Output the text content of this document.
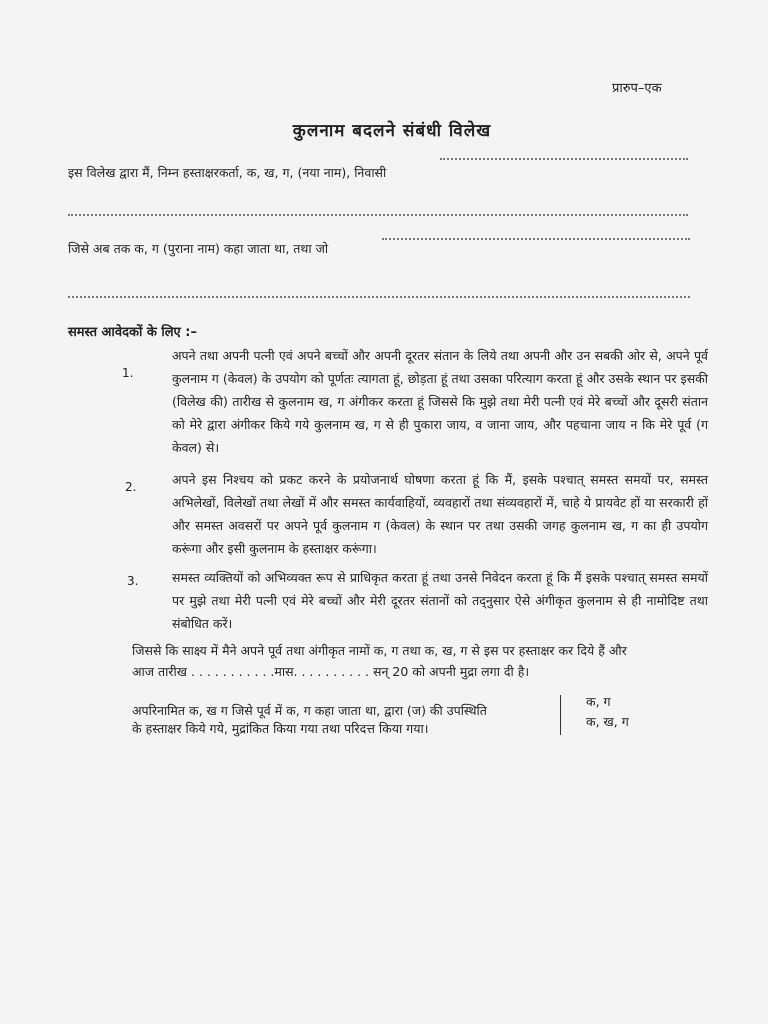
प्रारुप–एक
कुलनाम बदलने संबंधी विलेख
इस विलेख द्वारा मैं, निम्न हस्ताक्षरकर्ता, क, ख, ग, (नया नाम), निवासी
जिसे अब तक क, ग (पुराना नाम) कहा जाता था, तथा जो
समस्त आवेदकों के लिए :–
1.
अपने तथा अपनी पत्नी एवं अपने बच्चों और अपनी दूरतर संतान के लिये तथा अपनी और उन सबकी ओर से, अपने पूर्व कुलनाम ग (केवल) के उपयोग को पूर्णतः त्यागता हूं, छोड़ता हूं तथा उसका परित्याग करता हूं और उसके स्थान पर इसकी (विलेख की) तारीख से कुलनाम ख, ग अंगीकर करता हूं जिससे कि मुझे तथा मेरी पत्नी एवं मेरे बच्चों और दूसरी संतान को मेरे द्वारा अंगीकर किये गये कुलनाम ख, ग से ही पुकारा जाय, व जाना जाय, और पहचाना जाय न कि मेरे पूर्व (ग केवल) से।
2.	अपने इस निश्चय को प्रकट करने के प्रयोजनार्थ घोषणा करता हूं कि मैं, इसके पश्चात् समस्त समयों पर, समस्त अभिलेखों, विलेखों तथा लेखों में और समस्त कार्यवाहियों, व्यवहारों तथा संव्यवहारों में, चाहे ये प्रायवेट हों या सरकारी हों और समस्त अवसरों पर अपने पूर्व कुलनाम ग (केवल) के स्थान पर तथा उसकी जगह कुलनाम ख, ग का ही उपयोग करूंगा और इसी कुलनाम के हस्ताक्षर करूंगा।
3.	समस्त व्यक्तियों को अभिव्यक्त रूप से प्राधिकृत करता हूं तथा उनसे निवेदन करता हूं कि मैं इसके पश्चात् समस्त समयों पर मुझे तथा मेरी पत्नी एवं मेरे बच्चों और मेरी दूरतर संतानों को तद्नुसार ऐसे अंगीकृत कुलनाम से ही नामोदिष्ट तथा संबोधित करें।
जिससे कि साक्ष्य में मैने अपने पूर्व तथा अंगीकृत नामों क, ग तथा क, ख, ग से इस पर हस्ताक्षर कर दिये हैं और
आज तारीख . . . . . . . . . . .मास. . . . . . . . . . सन् 20 को अपनी मुद्रा लगा दी है।
अपरिनामित क, ख ग जिसे पूर्व में क, ग कहा जाता था, द्वारा (ज) की उपस्थिति
के हस्ताक्षर किये गये, मुद्रांकित किया गया तथा परिदत्त किया गया।
क, ग
क, ख, ग
